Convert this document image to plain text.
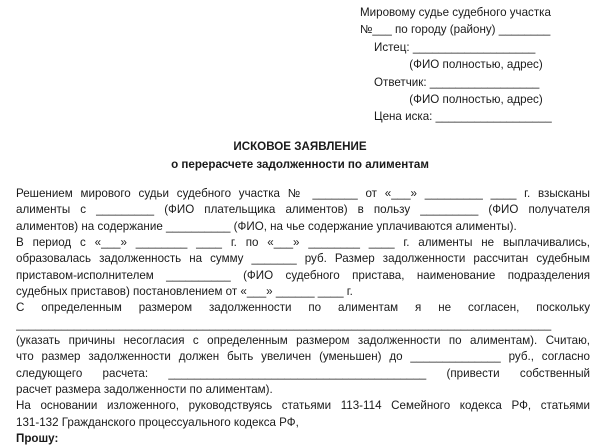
Мировому судье судебного участка
№___ по городу (району) ________
Истец: ___________________
(ФИО полностью, адрес)
Ответчик: _________________
(ФИО полностью, адрес)
Цена иска: __________________
ИСКОВОЕ ЗАЯВЛЕНИЕ
о перерасчете задолженности по алиментам
Решением мирового судьи судебного участка № _______ от «___» _________ ____ г. взысканы
алименты с _________ (ФИО плательщика алиментов) в пользу _________ (ФИО получателя
алиментов) на содержание __________ (ФИО, на чье содержание уплачиваются алименты).
В период с «___» ________ ____ г. по «___» ________ ____ г. алименты не выплачивались,
образовалась задолженность на сумму _______ руб. Размер задолженности рассчитан судебным
приставом-исполнителем __________ (ФИО судебного пристава, наименование подразделения
судебных приставов) постановлением от «___» ______ ____ г.
С определенным размером задолженности по алиментам я не согласен, поскольку
___________________________________________________________________________________
(указать причины несогласия с определенным размером задолженности по алиментам). Считаю,
что размер задолженности должен быть увеличен (уменьшен) до ______________ руб., согласно
следующего расчета: ________________________________________ (привести собственный
расчет размера задолженности по алиментам).
На основании изложенного, руководствуясь статьями 113-114 Семейного кодекса РФ, статьями
131-132 Гражданского процессуального кодекса РФ,
Прошу:
